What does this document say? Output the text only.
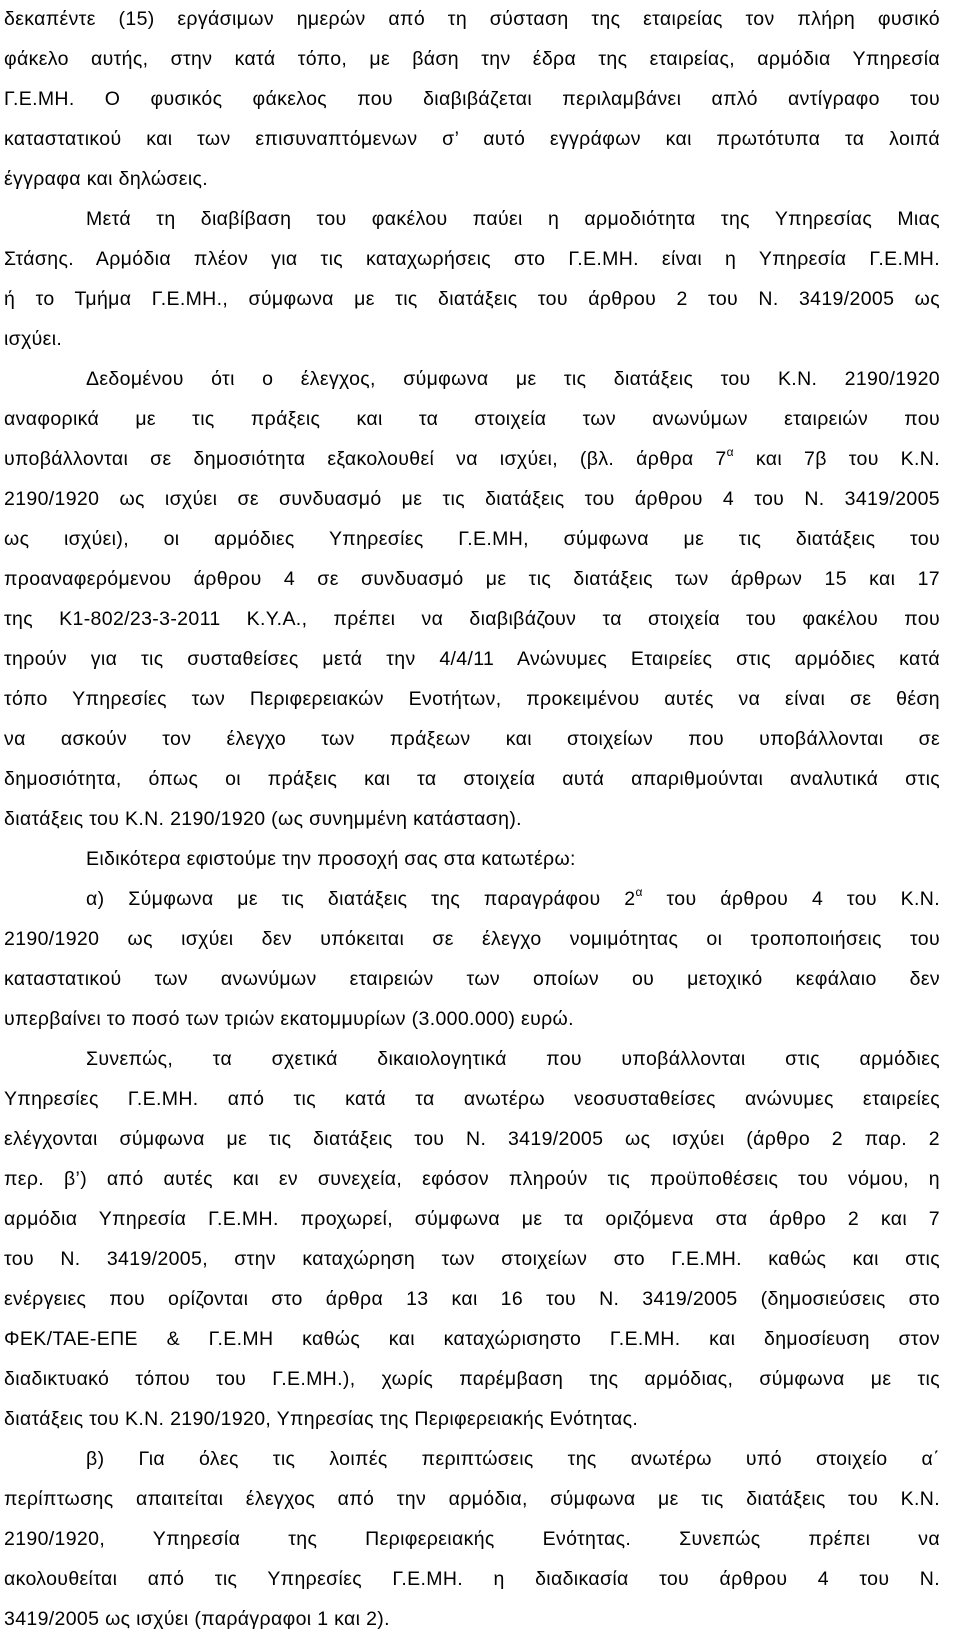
δεκαπέντε (15) εργάσιμων ημερών από τη σύσταση της εταιρείας τον πλήρη φυσικό
φάκελο αυτής, στην κατά τόπο, με βάση την έδρα της εταιρείας, αρμόδια Υπηρεσία
Γ.Ε.ΜΗ. Ο φυσικός φάκελος που διαβιβάζεται περιλαμβάνει απλό αντίγραφο του
καταστατικού και των επισυναπτόμενων σ’ αυτό εγγράφων και πρωτότυπα τα λοιπά
έγγραφα και δηλώσεις.
Μετά τη διαβίβαση του φακέλου παύει η αρμοδιότητα της Υπηρεσίας Μιας
Στάσης. Αρμόδια πλέον για τις καταχωρήσεις στο Γ.Ε.ΜΗ. είναι η Υπηρεσία Γ.Ε.ΜΗ.
ή το Τμήμα Γ.Ε.ΜΗ., σύμφωνα με τις διατάξεις του άρθρου 2 του Ν. 3419/2005 ως
ισχύει.
Δεδομένου ότι ο έλεγχος, σύμφωνα με τις διατάξεις του Κ.Ν. 2190/1920
αναφορικά με τις πράξεις και τα στοιχεία των ανωνύμων εταιρειών που
υποβάλλονται σε δημοσιότητα εξακολουθεί να ισχύει, (βλ. άρθρα $7^\alpha$ και 7β του Κ.Ν.
2190/1920 ως ισχύει σε συνδυασμό με τις διατάξεις του άρθρου 4 του Ν. 3419/2005
ως ισχύει), οι αρμόδιες Υπηρεσίες Γ.Ε.ΜΗ, σύμφωνα με τις διατάξεις του
προαναφερόμενου άρθρου 4 σε συνδυασμό με τις διατάξεις των άρθρων 15 και 17
της Κ1-802/23-3-2011 Κ.Υ.Α., πρέπει να διαβιβάζουν τα στοιχεία του φακέλου που
τηρούν για τις συσταθείσες μετά την 4/4/11 Ανώνυμες Εταιρείες στις αρμόδιες κατά
τόπο Υπηρεσίες των Περιφερειακών Ενοτήτων, προκειμένου αυτές να είναι σε θέση
να ασκούν τον έλεγχο των πράξεων και στοιχείων που υποβάλλονται σε
δημοσιότητα, όπως οι πράξεις και τα στοιχεία αυτά απαριθμούνται αναλυτικά στις
διατάξεις του Κ.Ν. 2190/1920 (ως συνημμένη κατάσταση).
Ειδικότερα εφιστούμε την προσοχή σας στα κατωτέρω:
α) Σύμφωνα με τις διατάξεις της παραγράφου $2^\alpha$ του άρθρου 4 του Κ.Ν.
2190/1920 ως ισχύει δεν υπόκειται σε έλεγχο νομιμότητας οι τροποποιήσεις του
καταστατικού των ανωνύμων εταιρειών των οποίων ου μετοχικό κεφάλαιο δεν
υπερβαίνει το ποσό των τριών εκατομμυρίων (3.000.000) ευρώ.
Συνεπώς, τα σχετικά δικαιολογητικά που υποβάλλονται στις αρμόδιες
Υπηρεσίες Γ.Ε.ΜΗ. από τις κατά τα ανωτέρω νεοσυσταθείσες ανώνυμες εταιρείες
ελέγχονται σύμφωνα με τις διατάξεις του Ν. 3419/2005 ως ισχύει (άρθρο 2 παρ. 2
περ. β’) από αυτές και εν συνεχεία, εφόσον πληρούν τις προϋποθέσεις του νόμου, η
αρμόδια Υπηρεσία Γ.Ε.ΜΗ. προχωρεί, σύμφωνα με τα οριζόμενα στα άρθρο 2 και 7
του Ν. 3419/2005, στην καταχώρηση των στοιχείων στο Γ.Ε.ΜΗ. καθώς και στις
ενέργειες που ορίζονται στο άρθρα 13 και 16 του Ν. 3419/2005 (δημοσιεύσεις στο
ΦΕΚ/ΤΑΕ-ΕΠΕ & Γ.Ε.ΜΗ καθώς και καταχώρισηστο Γ.Ε.ΜΗ. και δημοσίευση στον
διαδικτυακό τόπου του Γ.Ε.ΜΗ.), χωρίς παρέμβαση της αρμόδιας, σύμφωνα με τις
διατάξεις του Κ.Ν. 2190/1920, Υπηρεσίας της Περιφερειακής Ενότητας.
β) Για όλες τις λοιπές περιπτώσεις της ανωτέρω υπό στοιχείο α΄
περίπτωσης απαιτείται έλεγχος από την αρμόδια, σύμφωνα με τις διατάξεις του Κ.Ν.
2190/1920, Υπηρεσία της Περιφερειακής Ενότητας. Συνεπώς πρέπει να
ακολουθείται από τις Υπηρεσίες Γ.Ε.ΜΗ. η διαδικασία του άρθρου 4 του Ν.
3419/2005 ως ισχύει (παράγραφοι 1 και 2).
